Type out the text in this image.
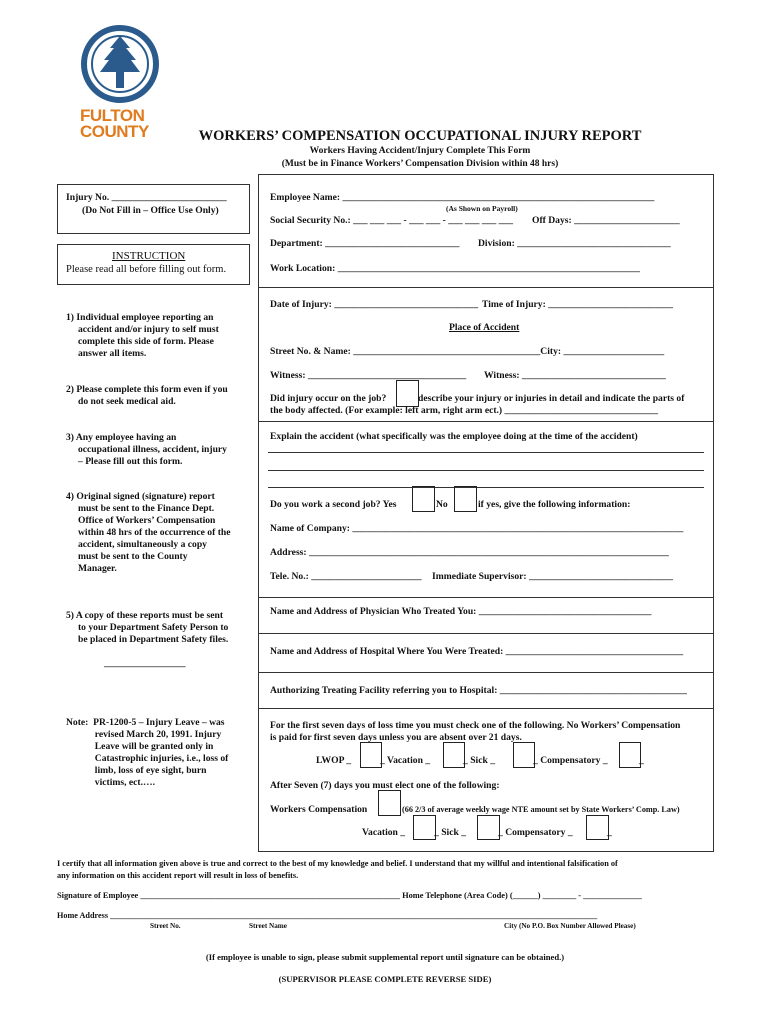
FULTON
COUNTY	WORKERS’ COMPENSATION OCCUPATIONAL INJURY REPORT
Workers Having Accident/Injury Complete This Form
(Must be in Finance Workers’ Compensation Division within 48 hrs)
Injury No. ________________________
(Do Not Fill in – Office Use Only)
INSTRUCTION
Please read all before filling out form.
1) Individual employee reporting an
accident and/or injury to self must
complete this side of form. Please
answer all items.
2) Please complete this form even if you
do not seek medical aid.
3) Any employee having an
occupational illness, accident, injury
– Please fill out this form.
4) Original signed (signature) report
must be sent to the Finance Dept.
Office of Workers’ Compensation
within 48 hrs of the occurrence of the
accident, simultaneously a copy
must be sent to the County
Manager.
5) A copy of these reports must be sent
to your Department Safety Person to
be placed in Department Safety files.
_________________
Note:  PR-1200-5 – Injury Leave – was
revised March 20, 1991. Injury
Leave will be granted only in
Catastrophic injuries, i.e., loss of
limb, loss of eye sight, burn
victims, ect.….
Employee Name: _________________________________________________________________
(As Shown on Payroll)
Social Security No.: ___ ___ ___ - ___ ___ - ___ ___ ___ ___ Off Days: ______________________
Department: ____________________________ Division: ________________________________
Work Location: _______________________________________________________________
Date of Injury: ______________________________ Time of Injury: __________________________
Place of Accident
Street No. & Name: _______________________________________City: _____________________
Witness: _________________________________ Witness: ______________________________
Did injury occur on the job?	describe your injury or injuries in detail and indicate the parts of
the body affected. (For example: left arm, right arm ect.) ________________________________
Explain the accident (what specifically was the employee doing at the time of the accident)
Do you work a second job? Yes	No	if yes, give the following information:
Name of Company: _____________________________________________________________________
Address: ___________________________________________________________________________
Tele. No.: _______________________ Immediate Supervisor: ______________________________
Name and Address of Physician Who Treated You: ____________________________________
Name and Address of Hospital Where You Were Treated: _____________________________________
Authorizing Treating Facility referring you to Hospital: _______________________________________
For the first seven days of loss time you must check one of the following. No Workers’ Compensation
is paid for first seven days unless you are absent over 21 days.
LWOP _	_ Vacation _	_ Sick _	_ Compensatory _	_
After Seven (7) days you must elect one of the following:
Workers Compensation	(66 2/3 of average weekly wage NTE amount set by State Workers’ Comp. Law)
Vacation _	_ Sick _	_ Compensatory _	_
I certify that all information given above is true and correct to the best of my knowledge and belief. I understand that my willful and intentional falsification of
any information on this accident report will result in loss of benefits.
Signature of Employee ______________________________________________________________ Home Telephone (Area Code) (______) ________ - ______________
Home Address _______________________________________________________________________________________________________________________
Street No.	Street Name	City (No P.O. Box Number Allowed Please)
(If employee is unable to sign, please submit supplemental report until signature can be obtained.)
(SUPERVISOR PLEASE COMPLETE REVERSE SIDE)
